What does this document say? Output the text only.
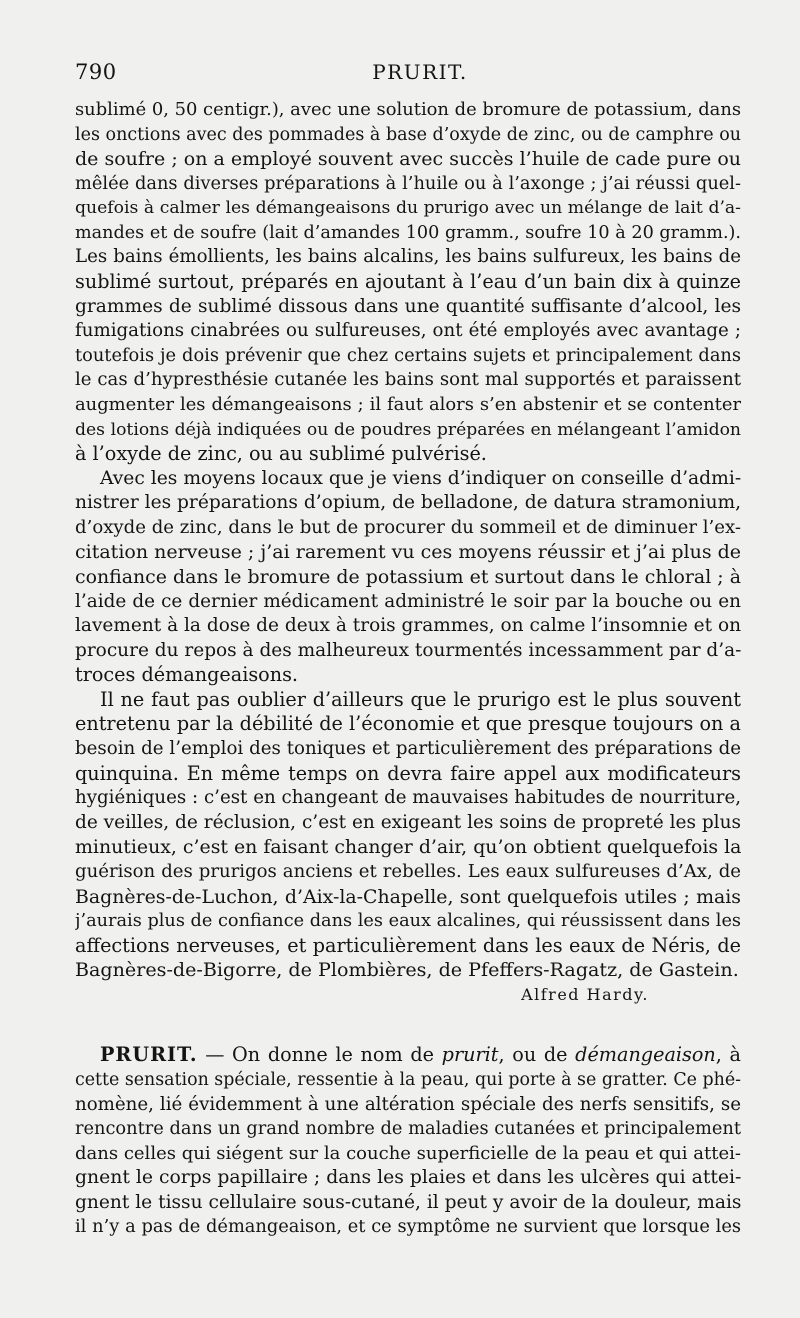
790	PRURIT.
sublimé 0, 50 centigr.), avec une solution de bromure de potassium, dans
les onctions avec des pommades à base d’oxyde de zinc, ou de camphre ou
de soufre ; on a employé souvent avec succès l’huile de cade pure ou
mêlée dans diverses préparations à l’huile ou à l’axonge ; j’ai réussi quel-
quefois à calmer les démangeaisons du prurigo avec un mélange de lait d’a-
mandes et de soufre (lait d’amandes 100 gramm., soufre 10 à 20 gramm.).
Les bains émollients, les bains alcalins, les bains sulfureux, les bains de
sublimé surtout, préparés en ajoutant à l’eau d’un bain dix à quinze
grammes de sublimé dissous dans une quantité suffisante d’alcool, les
fumigations cinabrées ou sulfureuses, ont été employés avec avantage ;
toutefois je dois prévenir que chez certains sujets et principalement dans
le cas d’hypresthésie cutanée les bains sont mal supportés et paraissent
augmenter les démangeaisons ; il faut alors s’en abstenir et se contenter
des lotions déjà indiquées ou de poudres préparées en mélangeant l’amidon
à l’oxyde de zinc, ou au sublimé pulvérisé.
Avec les moyens locaux que je viens d’indiquer on conseille d’admi-
nistrer les préparations d’opium, de belladone, de datura stramonium,
d’oxyde de zinc, dans le but de procurer du sommeil et de diminuer l’ex-
citation nerveuse ; j’ai rarement vu ces moyens réussir et j’ai plus de
confiance dans le bromure de potassium et surtout dans le chloral ; à
l’aide de ce dernier médicament administré le soir par la bouche ou en
lavement à la dose de deux à trois grammes, on calme l’insomnie et on
procure du repos à des malheureux tourmentés incessamment par d’a-
troces démangeaisons.
Il ne faut pas oublier d’ailleurs que le prurigo est le plus souvent
entretenu par la débilité de l’économie et que presque toujours on a
besoin de l’emploi des toniques et particulièrement des préparations de
quinquina. En même temps on devra faire appel aux modificateurs
hygiéniques : c’est en changeant de mauvaises habitudes de nourriture,
de veilles, de réclusion, c’est en exigeant les soins de propreté les plus
minutieux, c’est en faisant changer d’air, qu’on obtient quelquefois la
guérison des prurigos anciens et rebelles. Les eaux sulfureuses d’Ax, de
Bagnères-de-Luchon, d’Aix-la-Chapelle, sont quelquefois utiles ; mais
j’aurais plus de confiance dans les eaux alcalines, qui réussissent dans les
affections nerveuses, et particulièrement dans les eaux de Néris, de
Bagnères-de-Bigorre, de Plombières, de Pfeffers-Ragatz, de Gastein.
Alfred Hardy.
PRURIT. — On donne le nom de prurit, ou de démangeaison, à
cette sensation spéciale, ressentie à la peau, qui porte à se gratter. Ce phé-
nomène, lié évidemment à une altération spéciale des nerfs sensitifs, se
rencontre dans un grand nombre de maladies cutanées et principalement
dans celles qui siégent sur la couche superficielle de la peau et qui attei-
gnent le corps papillaire ; dans les plaies et dans les ulcères qui attei-
gnent le tissu cellulaire sous-cutané, il peut y avoir de la douleur, mais
il n’y a pas de démangeaison, et ce symptôme ne survient que lorsque les
